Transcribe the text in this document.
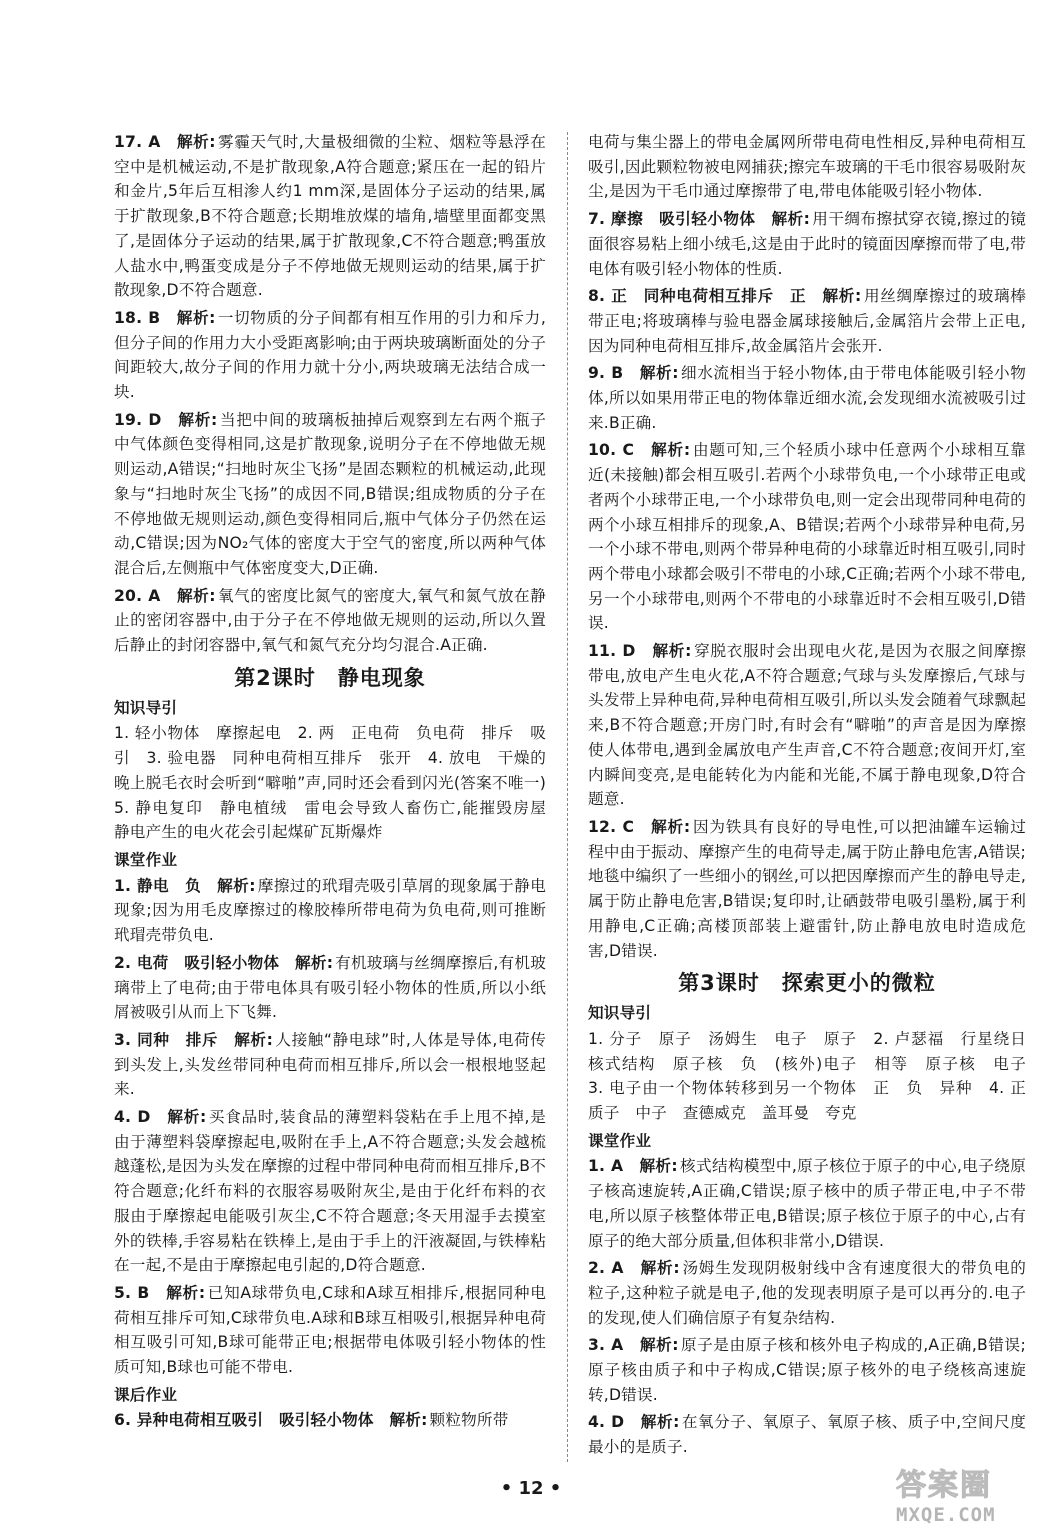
17. A　 解析: 雾霾天气时,大量极细微的尘粒、烟粒等悬浮在空中是机械运动,不是扩散现象,A符合题意;紧压在一起的铅片和金片,5年后互相渗人约1 mm深,是固体分子运动的结果,属于扩散现象,B不符合题意;长期堆放煤的墙角,墙壁里面都变黑了,是固体分子运动的结果,属于扩散现象,C不符合题意;鸭蛋放人盐水中,鸭蛋变成是分子不停地做无规则运动的结果,属于扩散现象,D不符合题意.
18. B　 解析: 一切物质的分子间都有相互作用的引力和斥力,但分子间的作用力大小受距离影响;由于两块玻璃断面处的分子间距较大,故分子间的作用力就十分小,两块玻璃无法结合成一块.
19. D　 解析: 当把中间的玻璃板抽掉后观察到左右两个瓶子中气体颜色变得相同,这是扩散现象,说明分子在不停地做无规则运动,A错误;“扫地时灰尘飞扬”是固态颗粒的机械运动,此现象与“扫地时灰尘飞扬”的成因不同,B错误;组成物质的分子在不停地做无规则运动,颜色变得相同后,瓶中气体分子仍然在运动,C错误;因为NO₂气体的密度大于空气的密度,所以两种气体混合后,左侧瓶中气体密度变大,D正确.
20. A　 解析: 氧气的密度比氮气的密度大,氧气和氮气放在静止的密闭容器中,由于分子在不停地做无规则的运动,所以久置后静止的封闭容器中,氧气和氮气充分均匀混合.A正确.
第2课时　静电现象
知识导引
1. 轻小物体　摩擦起电　2. 两　正电荷　负电荷　排斥　吸引　3. 验电器　同种电荷相互排斥　张开　4. 放电　干燥的晚上脱毛衣时会听到“噼啪”声,同时还会看到闪光(答案不唯一)　5. 静电复印　静电植绒　雷电会导致人畜伤亡,能摧毁房屋　静电产生的电火花会引起煤矿瓦斯爆炸
课堂作业
1. 静电　负　 解析: 摩擦过的玳瑁壳吸引草屑的现象属于静电现象;因为用毛皮摩擦过的橡胶棒所带电荷为负电荷,则可推断玳瑁壳带负电.
2. 电荷　吸引轻小物体　 解析: 有机玻璃与丝绸摩擦后,有机玻璃带上了电荷;由于带电体具有吸引轻小物体的性质,所以小纸屑被吸引从而上下飞舞.
3. 同种　排斥　 解析: 人接触“静电球”时,人体是导体,电荷传到头发上,头发丝带同种电荷而相互排斥,所以会一根根地竖起来.
4. D　 解析: 买食品时,装食品的薄塑料袋粘在手上甩不掉,是由于薄塑料袋摩擦起电,吸附在手上,A不符合题意;头发会越梳越蓬松,是因为头发在摩擦的过程中带同种电荷而相互排斥,B不符合题意;化纤布料的衣服容易吸附灰尘,是由于化纤布料的衣服由于摩擦起电能吸引灰尘,C不符合题意;冬天用湿手去摸室外的铁棒,手容易粘在铁棒上,是由于手上的汗液凝固,与铁棒粘在一起,不是由于摩擦起电引起的,D符合题意.
5. B　 解析: 已知A球带负电,C球和A球互相排斥,根据同种电荷相互排斥可知,C球带负电.A球和B球互相吸引,根据异种电荷相互吸引可知,B球可能带正电;根据带电体吸引轻小物体的性质可知,B球也可能不带电.
课后作业
6. 异种电荷相互吸引　吸引轻小物体　 解析: 颗粒物所带
电荷与集尘器上的带电金属网所带电荷电性相反,异种电荷相互吸引,因此颗粒物被电网捕获;擦完车玻璃的干毛巾很容易吸附灰尘,是因为干毛巾通过摩擦带了电,带电体能吸引轻小物体.
7. 摩擦　吸引轻小物体　 解析: 用干绸布擦拭穿衣镜,擦过的镜面很容易粘上细小绒毛,这是由于此时的镜面因摩擦而带了电,带电体有吸引轻小物体的性质.
8. 正　同种电荷相互排斥　正　 解析: 用丝绸摩擦过的玻璃棒带正电;将玻璃棒与验电器金属球接触后,金属箔片会带上正电,因为同种电荷相互排斥,故金属箔片会张开.
9. B　 解析: 细水流相当于轻小物体,由于带电体能吸引轻小物体,所以如果用带正电的物体靠近细水流,会发现细水流被吸引过来.B正确.
10. C　 解析: 由题可知,三个轻质小球中任意两个小球相互靠近(未接触)都会相互吸引.若两个小球带负电,一个小球带正电或者两个小球带正电,一个小球带负电,则一定会出现带同种电荷的两个小球互相排斥的现象,A、B错误;若两个小球带异种电荷,另一个小球不带电,则两个带异种电荷的小球靠近时相互吸引,同时两个带电小球都会吸引不带电的小球,C正确;若两个小球不带电,另一个小球带电,则两个不带电的小球靠近时不会相互吸引,D错误.
11. D　 解析: 穿脱衣服时会出现电火花,是因为衣服之间摩擦带电,放电产生电火花,A不符合题意;气球与头发摩擦后,气球与头发带上异种电荷,异种电荷相互吸引,所以头发会随着气球飘起来,B不符合题意;开房门时,有时会有“噼啪”的声音是因为摩擦使人体带电,遇到金属放电产生声音,C不符合题意;夜间开灯,室内瞬间变亮,是电能转化为内能和光能,不属于静电现象,D符合题意.
12. C　 解析: 因为铁具有良好的导电性,可以把油罐车运输过程中由于振动、摩擦产生的电荷导走,属于防止静电危害,A错误;地毯中编织了一些细小的钢丝,可以把因摩擦而产生的静电导走,属于防止静电危害,B错误;复印时,让硒鼓带电吸引墨粉,属于利用静电,C正确;高楼顶部装上避雷针,防止静电放电时造成危害,D错误.
第3课时　探索更小的微粒
知识导引
1. 分子　原子　汤姆生　电子　原子　2. 卢瑟福　行星绕日　核式结构　原子核　负　(核外)电子　相等　原子核　电子　3. 电子由一个物体转移到另一个物体　正　负　异种　4. 正　质子　中子　查德威克　盖耳曼　夸克
课堂作业
1. A　 解析: 核式结构模型中,原子核位于原子的中心,电子绕原子核高速旋转,A正确,C错误;原子核中的质子带正电,中子不带电,所以原子核整体带正电,B错误;原子核位于原子的中心,占有原子的绝大部分质量,但体积非常小,D错误.
2. A　 解析: 汤姆生发现阴极射线中含有速度很大的带负电的粒子,这种粒子就是电子,他的发现表明原子是可以再分的.电子的发现,使人们确信原子有复杂结构.
3. A　 解析: 原子是由原子核和核外电子构成的,A正确,B错误;原子核由质子和中子构成,C错误;原子核外的电子绕核高速旋转,D错误.
4. D　 解析: 在氧分子、氧原子、氧原子核、质子中,空间尺度最小的是质子.
• 12 •	答案圈
MXQE.COM
